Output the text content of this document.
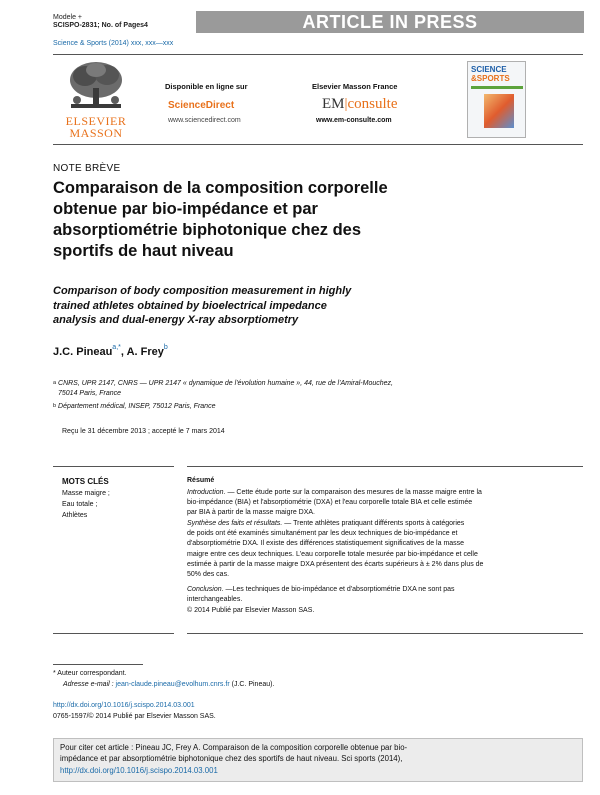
Modele +
SCISPO-2831; No. of Pages4	ARTICLE IN PRESS
Science & Sports (2014) xxx, xxx—xxx
ELSEVIER
MASSON
Disponible en ligne sur
ScienceDirect
www.sciencedirect.com
Elsevier Masson France
EM|consulte
www.em-consulte.com
SCIENCE
&SPORTS
NOTE BRÈVE
Comparaison de la composition corporelle
obtenue par bio-impédance et par
absorptiométrie biphotonique chez des
sportifs de haut niveau
Comparison of body composition measurement in highly
trained athletes obtained by bioelectrical impedance
analysis and dual-energy X-ray absorptiometry
J.C. Pineau$^{a,*}$, A. Frey$^b$
$^a$ CNRS, UPR 2147, CNRS — UPR 2147 « dynamique de l'évolution humaine », 44, rue de l'Amiral-Mouchez,
75014 Paris, France
$^b$ Département médical, INSEP, 75012 Paris, France
Reçu le 31 décembre 2013 ; accepté le 7 mars 2014
MOTS CLÉS
Masse maigre ;
Eau totale ;
Athlètes
Résumé
Introduction. — Cette étude porte sur la comparaison des mesures de la masse maigre entre la
bio-impédance (BIA) et l'absorptiométrie (DXA) et l'eau corporelle totale BIA et celle estimée
par BIA à partir de la masse maigre DXA.
Synthèse des faits et résultats. — Trente athlètes pratiquant différents sports à catégories
de poids ont été examinés simultanément par les deux techniques de bio-impédance et
d'absorptiométrie DXA. Il existe des différences statistiquement significatives de la masse
maigre entre ces deux techniques. L'eau corporelle totale mesurée par bio-impédance et celle
estimée à partir de la masse maigre DXA présentent des écarts supérieurs à ± 2% dans plus de
50% des cas.
Conclusion. —Les techniques de bio-impédance et d'absorptiométrie DXA ne sont pas
interchangeables.
© 2014 Publié par Elsevier Masson SAS.
* Auteur correspondant.
Adresse e-mail : jean-claude.pineau@evolhum.cnrs.fr (J.C. Pineau).
http://dx.doi.org/10.1016/j.scispo.2014.03.001
0765-1597/© 2014 Publié par Elsevier Masson SAS.
Pour citer cet article : Pineau JC, Frey A. Comparaison de la composition corporelle obtenue par bio-
impédance et par absorptiométrie biphotonique chez des sportifs de haut niveau. Sci sports (2014),
http://dx.doi.org/10.1016/j.scispo.2014.03.001
